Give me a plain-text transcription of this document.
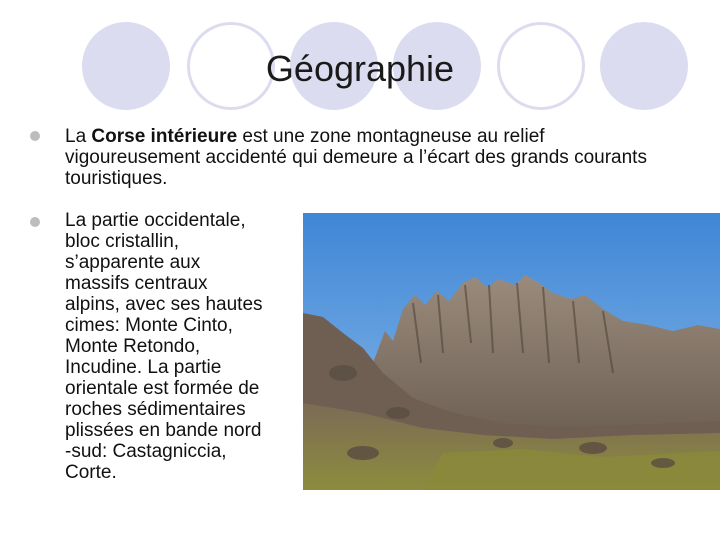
Géographie
La Corse intérieure est une zone montagneuse au relief vigoureusement accidenté qui demeure a l’écart des grands courants touristiques.
La partie occidentale,
bloc cristallin,
s’apparente aux
massifs centraux
alpins, avec ses hautes
cimes: Monte Cinto,
Monte Retondo,
Incudine. La partie
orientale est formée de
roches sédimentaires
plissées en bande nord
-sud: Castagniccia,
Corte.
